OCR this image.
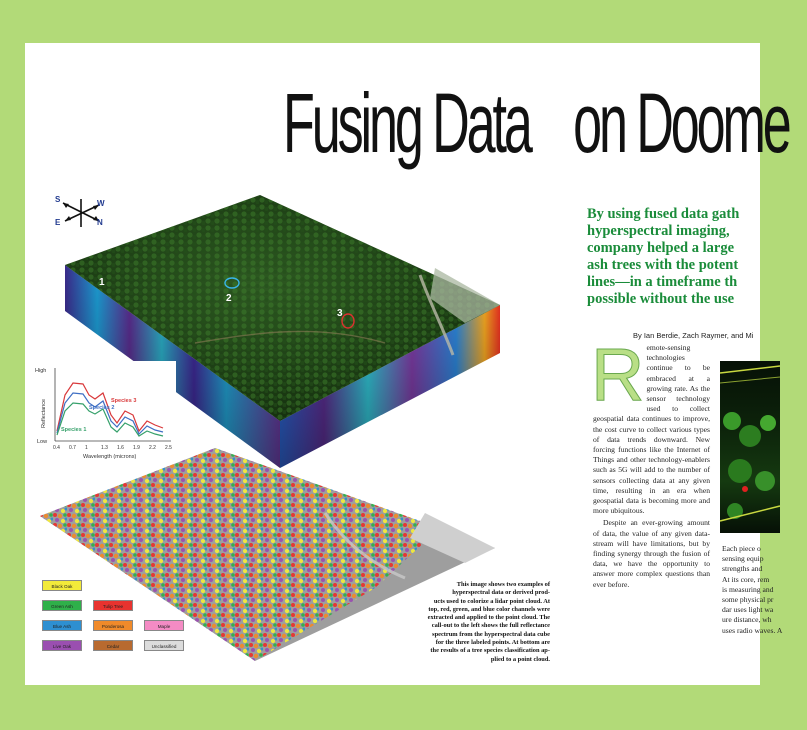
Fusing Data on Doome
1
2
3
0.4 0.7 1	1.3 1.6 1.9 2.2 2.5
Species 3
Species 2
Species 1
High
Low
Reflectance
Wavelength (microns)
S	W
E	N
Black Oak
Green Ash	Tulip Tree
Blue Ash	Ponderosa	Maple
Live Oak	Cedar	Unclassified
This image shows two examples of
hyperspectral data or derived prod-
ucts used to colorize a lidar point cloud. At
top, red, green, and blue color channels were
extracted and applied to the point cloud. The
call-out to the left shows the full reflectance
spectrum from the hyperspectral data cube
for the three labeled points. At bottom are
the results of a tree species classification ap-
plied to a point cloud.
By using fused data gath
hyperspectral imaging,
company helped a large
ash trees with the potent
lines—in a timeframe th
possible without the use
By Ian Berdie, Zach Raymer, and Mi
R emote-sensing technologies continue to be embraced at a growing rate. As the sensor technology used to collect geospatial data continues to improve, the cost curve to collect various types of data trends downward. New forcing functions like the Internet of Things and other technology-enablers such as 5G will add to the number of sensors collecting data at any given time, resulting in an era when geospatial data is becoming more and more ubiquitous.

Despite an ever-growing amount of data, the value of any given data-stream will have limitations, but by finding synergy through the fusion of data, we have the opportunity to answer more complex questions than ever before.

Each piece o
sensing equip
strengths and
At its core, rem
is measuring and
some physical pr
dar uses light wa
ure distance, wh
uses radio waves. A
